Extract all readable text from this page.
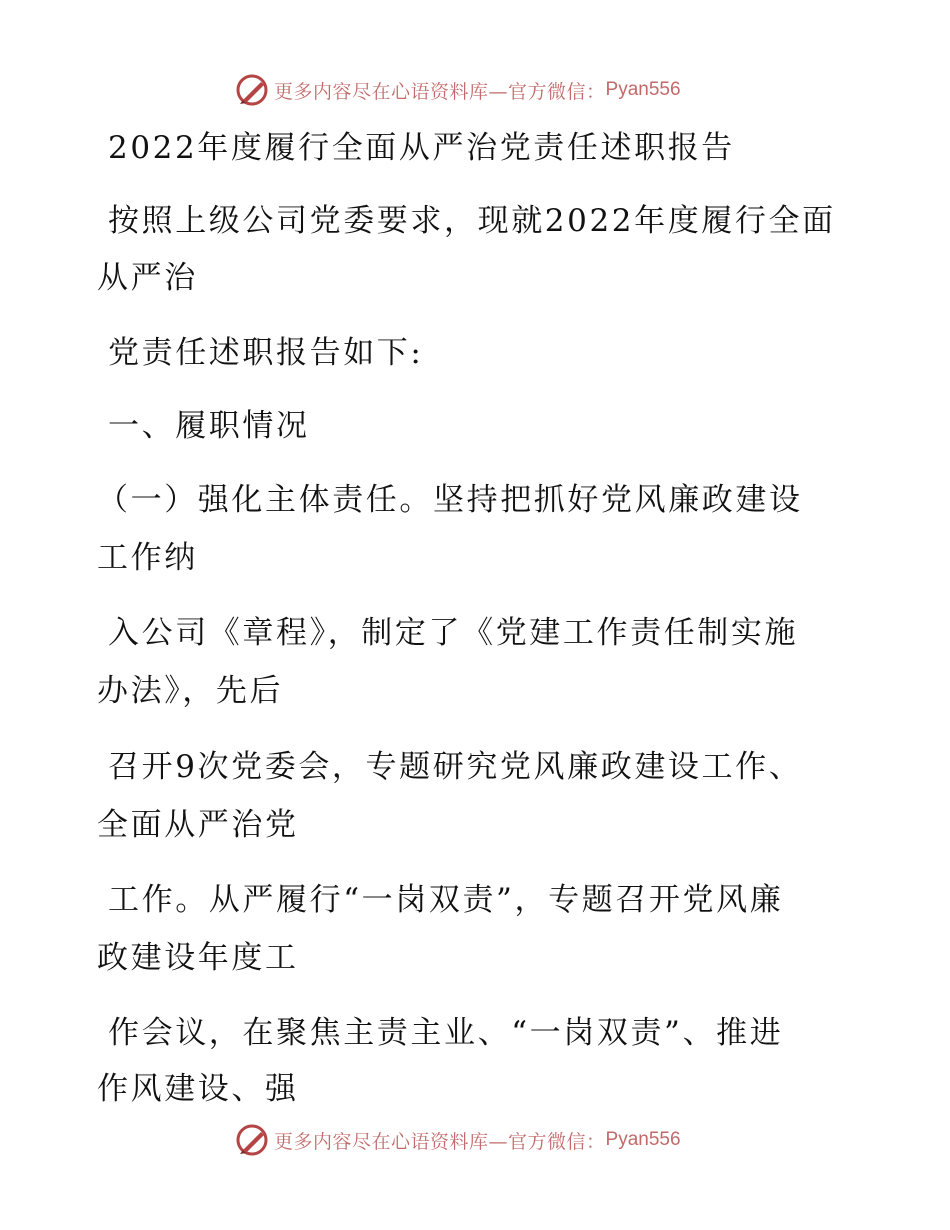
更多内容尽在心语资料库—官方微信： Pyan556
2022年度履行全面从严治党责任述职报告
按照上级公司党委要求，现就2022年度履行全面
从严治
党责任述职报告如下:
一、履职情况
（一）强化主体责任。坚持把抓好党风廉政建设
工作纳
入公司《章程》，制定了《党建工作责任制实施
办法》，先后
召开9次党委会，专题研究党风廉政建设工作、
全面从严治党
工作。从严履行“一岗双责”，专题召开党风廉
政建设年度工
作会议，在聚焦主责主业、“一岗双责”、推进
作风建设、强
更多内容尽在心语资料库—官方微信： Pyan556
